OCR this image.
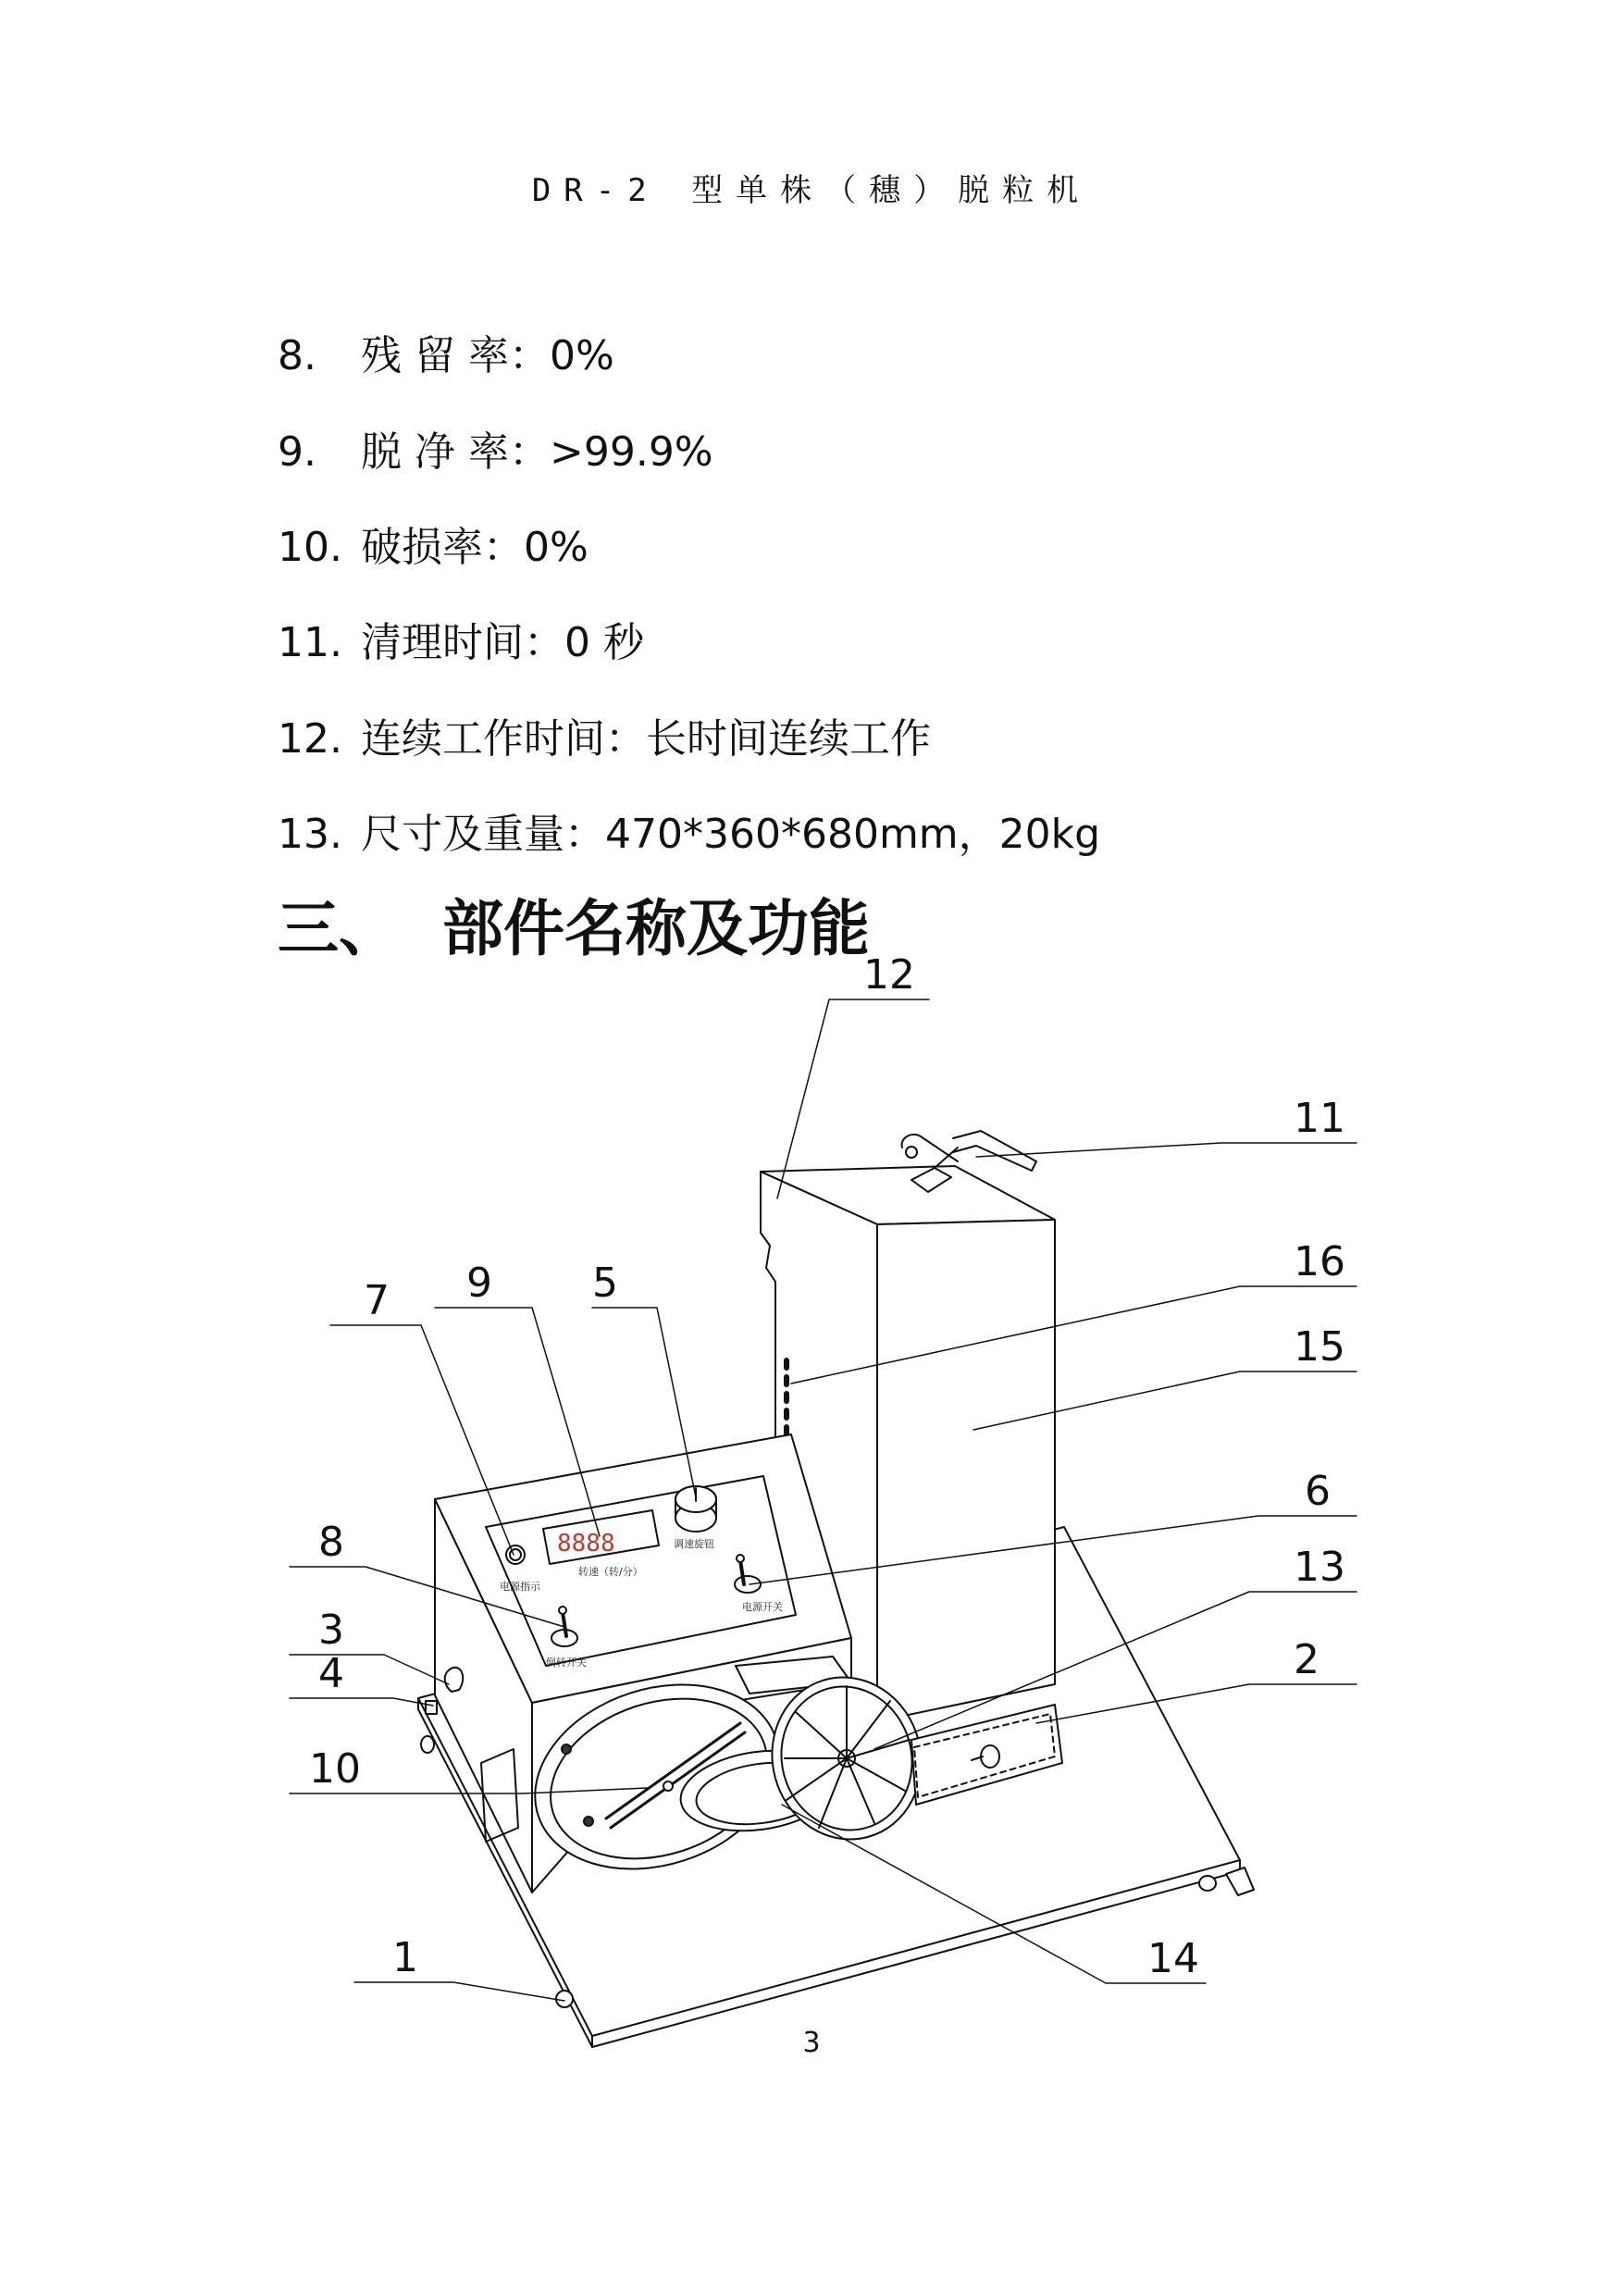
DR-2 型单株（穗）脱粒机
8. 残 留 率：0%
9. 脱 净 率：>99.9%
10. 破损率：0%
11. 清理时间：0 秒
12. 连续工作时间：长时间连续工作
13. 尺寸及重量：470*360*680mm，20kg
三、 部件名称及功能
8888
电源指示
转速（转/分）
调速旋钮
倒转开关
电源开关
1
2
3
4
5
6
7
8
9
10
11
12
13
14
15
16
3
